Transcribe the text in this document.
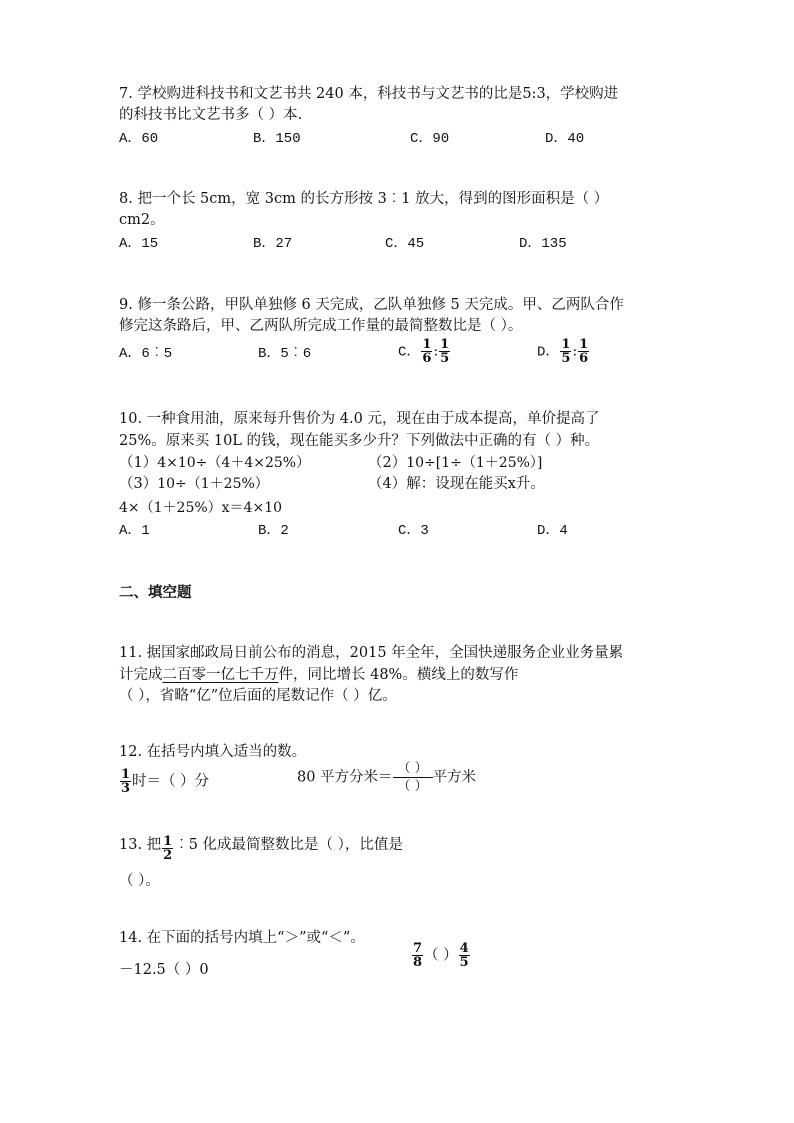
7. 学校购进科技书和文艺书共 240 本，科技书与文艺书的比是5:3，学校购进
的科技书比文艺书多（ ）本.
A．60	B．150	C．90	D．40
8. 把一个长 5cm，宽 3cm 的长方形按 3︰1 放大，得到的图形面积是（ ）
cm2。
A．15	B．27	C．45	D．135
9. 修一条公路，甲队单独修 6 天完成，乙队单独修 5 天完成。甲、乙两队合作
修完这条路后，甲、乙两队所完成工作量的最简整数比是（ ）。
A．6︰5	B．5︰6	C． $\frac{1}{6}$ : $\frac{1}{5}$	D． $\frac{1}{5}$ : $\frac{1}{6}$
10. 一种食用油，原来每升售价为 4.0 元，现在由于成本提高，单价提高了
25%。原来买 10L 的钱，现在能买多少升？下列做法中正确的有（ ）种。
（1）4×10÷（4＋4×25%）	（2）10÷[1÷（1＋25%）]
（3）10÷（1＋25%）	（4）解：设现在能买x升。
4×（1＋25%）x＝4×10
A．1	B．2	C．3	D．4
二、填空题
11. 据国家邮政局日前公布的消息，2015 年全年，全国快递服务企业业务量累
计完成二百零一亿七千万件，同比增长 48%。横线上的数写作
（ ），省略“亿”位后面的尾数记作（ ）亿。
12. 在括号内填入适当的数。
$\frac{1}{3}$ 时＝（ ）分	80 平方分米＝
（ ）
（ ）
平方米
13. 把 $\frac{1}{2}$ ︰5 化成最简整数比是（ ），比值是
（ ）。
14. 在下面的括号内填上“＞”或“＜”。
－12.5（ ）0
$\frac{7}{8}$ （ ） $\frac{4}{5}$
